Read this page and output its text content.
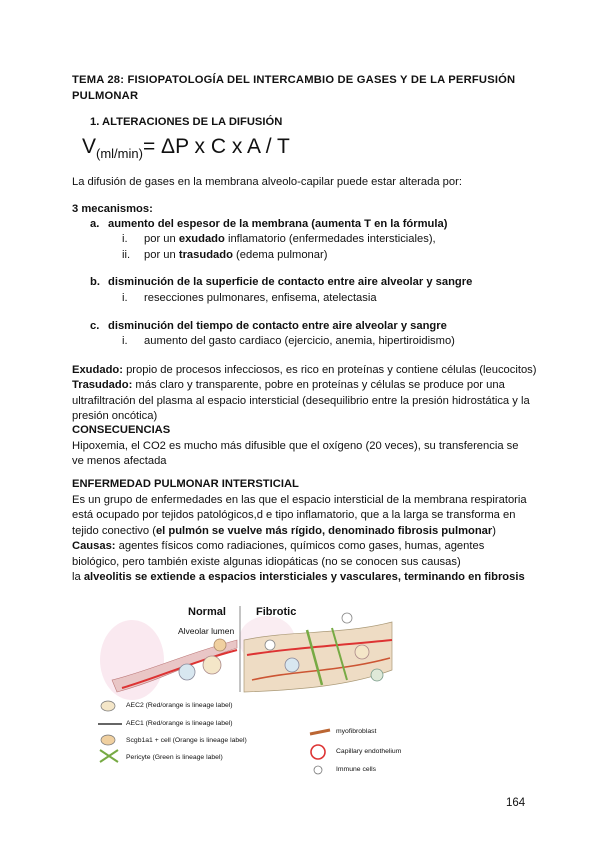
TEMA 28: FISIOPATOLOGÍA DEL INTERCAMBIO DE GASES Y DE LA PERFUSIÓN
PULMONAR
1. ALTERACIONES DE LA DIFUSIÓN
$V_{(ml/min)}= \Delta P$ x C x A / T
La difusión de gases en la membrana alveolo-capilar puede estar alterada por:
3 mecanismos:
a. aumento del espesor de la membrana (aumenta T en la fórmula)
i. por un exudado inflamatorio (enfermedades intersticiales),
ii. por un trasudado (edema pulmonar)
b. disminución de la superficie de contacto entre aire alveolar y sangre
i. resecciones pulmonares, enfisema, atelectasia
c. disminución del tiempo de contacto entre aire alveolar y sangre
i. aumento del gasto cardiaco (ejercicio, anemia, hipertiroidismo)
Exudado: propio de procesos infecciosos, es rico en proteínas y contiene células (leucocitos)
Trasudado: más claro y transparente, pobre en proteínas y células se produce por una
ultrafiltración del plasma al espacio intersticial (desequilibrio entre la presión hidrostática y la
presión oncótica)
CONSECUENCIAS
Hipoxemia, el CO2 es mucho más difusible que el oxígeno (20 veces), su transferencia se
ve menos afectada
ENFERMEDAD PULMONAR INTERSTICIAL
Es un grupo de enfermedades en las que el espacio intersticial de la membrana respiratoria
está ocupado por tejidos patológicos,d e tipo inflamatorio, que a la larga se transforma en
tejido conectivo (el pulmón se vuelve más rígido, denominado fibrosis pulmonar)
Causas: agentes físicos como radiaciones, químicos como gases, humas, agentes
biológico, pero también existe algunas idiopáticas (no se conocen sus causas)
la alveolitis se extiende a espacios intersticiales y vasculares, terminando en fibrosis
Normal	Fibrotic
Alveolar lumen
AEC2 (Red/orange is lineage label)
AEC1 (Red/orange is lineage label)
Scgb1a1 + cell (Orange is lineage label)
Pericyte (Green is lineage label)
myofibroblast
Capillary endothelium
Immune cells
164
